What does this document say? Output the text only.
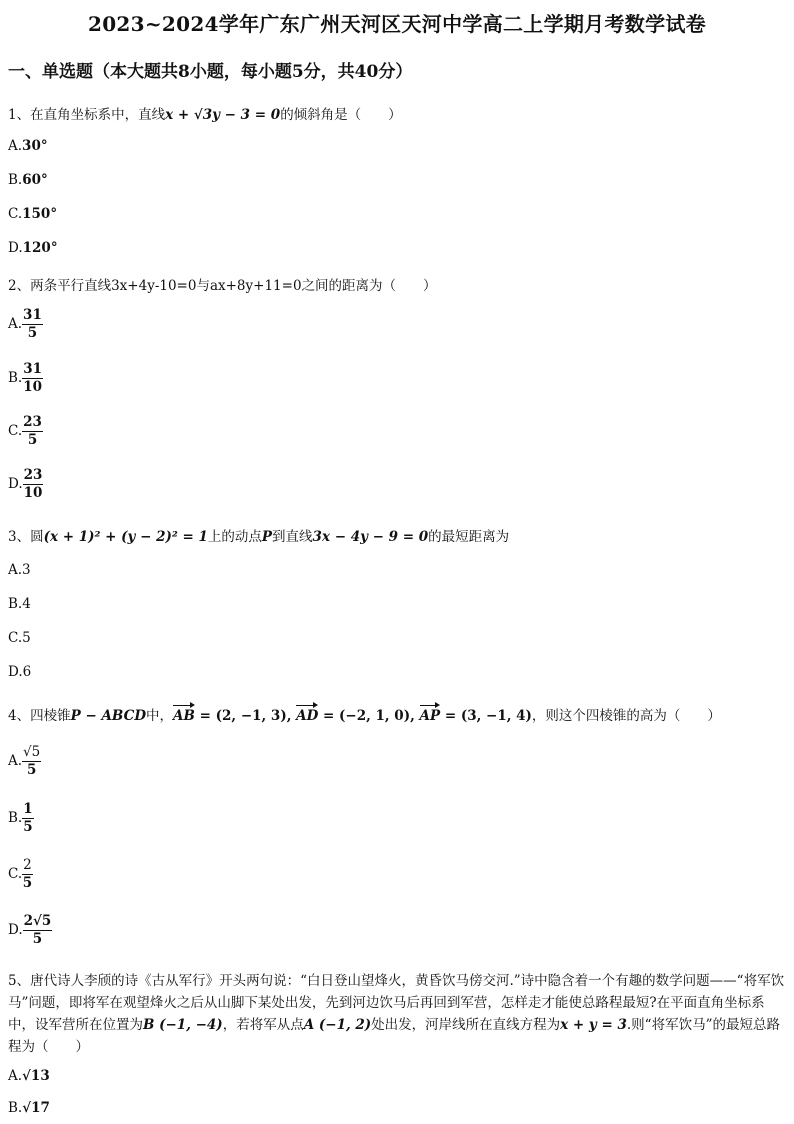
2023~2024学年广东广州天河区天河中学高二上学期月考数学试卷
一、单选题（本大题共8小题，每小题5分，共40分）
1、在直角坐标系中，直线x + √3y − 3 = 0的倾斜角是（　　）
A.30°
B.60°
C.150°
D.120°
2、两条平行直线3x+4y-10=0与ax+8y+11=0之间的距离为（　　）
A. $\frac{31}{5}$
B. $\frac{31}{10}$
C. $\frac{23}{5}$
D. $\frac{23}{10}$
3、圆(x + 1)² + (y − 2)² = 1上的动点P到直线3x − 4y − 9 = 0的最短距离为
A.3
B.4
C.5
D.6
4、四棱锥P − ABCD中，AB = (2, −1, 3), AD = (−2, 1, 0), AP = (3, −1, 4)，则这个四棱锥的高为（　　）
A. $\frac{√5}{5}$
B. $\frac{1}{5}$
C. $\frac{2}{5}$
D. $\frac{2√5}{5}$
5、唐代诗人李颀的诗《古从军行》开头两句说：“白日登山望烽火，黄昏饮马傍交河.”诗中隐含着一个有趣的数学问题——“将军饮马”问题，即将军在观望烽火之后从山脚下某处出发，先到河边饮马后再回到军营，怎样走才能使总路程最短?在平面直角坐标系中，设军营所在位置为B (−1, −4)，若将军从点A (−1, 2)处出发，河岸线所在直线方程为x + y = 3.则“将军饮马”的最短总路程为（　　）
A.√13
B.√17
